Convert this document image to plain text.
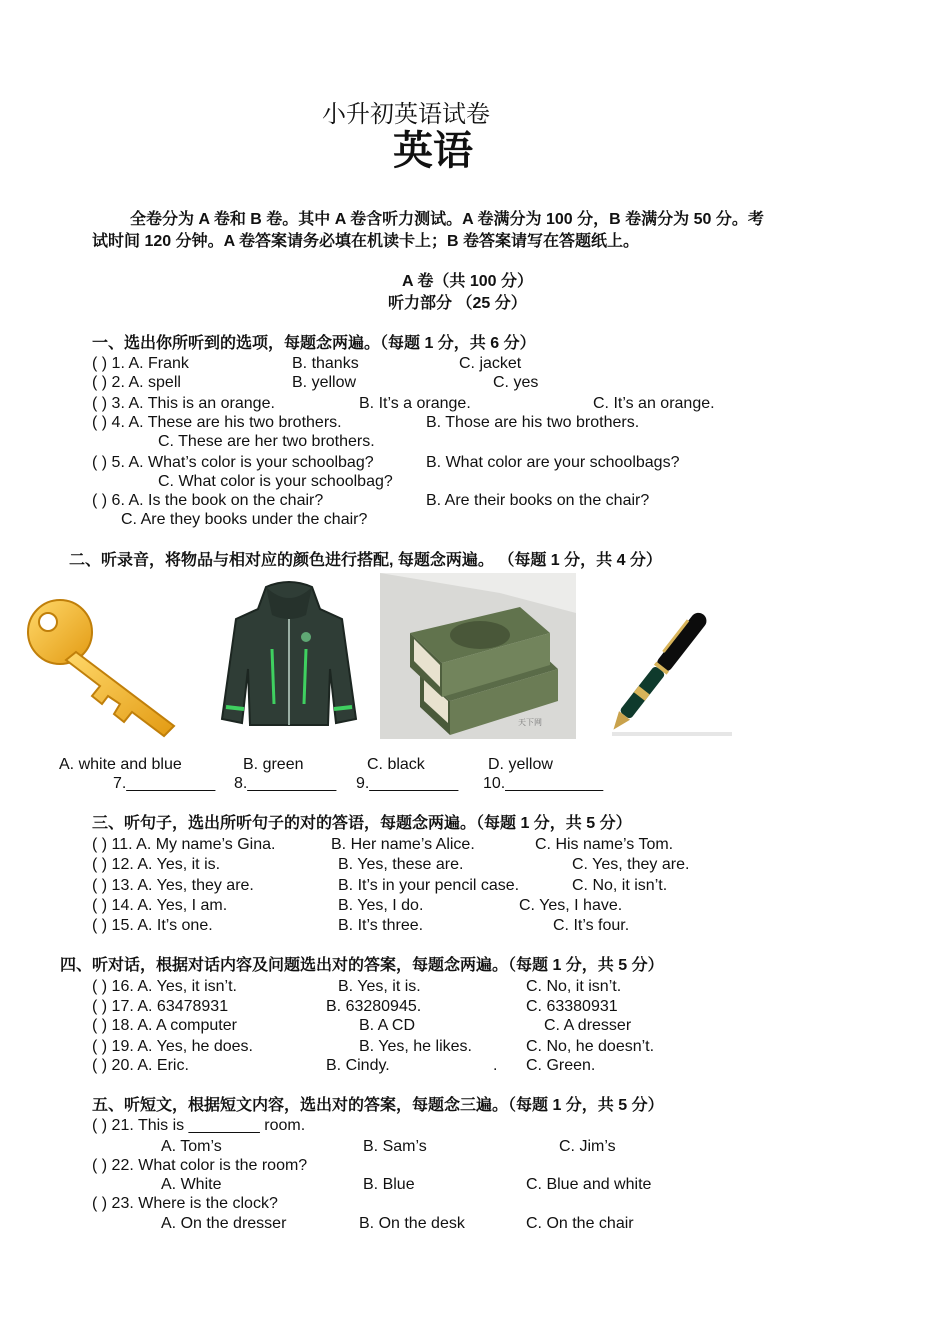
小升初英语试卷
英语
全卷分为 A 卷和 B 卷。其中 A 卷含听力测试。A 卷满分为 100 分，B 卷满分为 50 分。考
试时间 120 分钟。A 卷答案请务必填在机读卡上；B 卷答案请写在答题纸上。
A 卷（共 100 分）
听力部分 （25 分）
一、选出你所听到的选项，每题念两遍。（每题 1 分，共 6 分）
( ) 1. A. Frank	B. thanks	C. jacket
( ) 2. A. spell	B. yellow	C. yes
( ) 3. A. This is an orange.	B. It’s a orange.	C. It’s an orange.
( ) 4. A. These are his two brothers.	B. Those are his two brothers.
C. These are her two brothers.
( ) 5. A. What’s color is your schoolbag?	B. What color are your schoolbags?
C. What color is your schoolbag?
( ) 6. A. Is the book on the chair?	B. Are their books on the chair?
C. Are they books under the chair?
二、听录音，将物品与相对应的颜色进行搭配, 每题念两遍。 （每题 1 分，共 4 分）
天下网
A. white and blue	B. green	C. black	D. yellow
7.__________ 8.__________ 9.__________ 10.___________
三、听句子，选出所听句子的对的答语，每题念两遍。（每题 1 分，共 5 分）
( ) 11. A. My name’s Gina.	B. Her name’s Alice.	C. His name’s Tom.
( ) 12. A. Yes, it is.	B. Yes, these are.	C. Yes, they are.
( ) 13. A. Yes, they are.	B. It’s in your pencil case.	C. No, it isn’t.
( ) 14. A. Yes, I am.	B. Yes, I do.	C. Yes, I have.
( ) 15. A. It’s one.	B. It’s three.	C. It’s four.
四、听对话，根据对话内容及问题选出对的答案，每题念两遍。（每题 1 分，共 5 分）
( ) 16. A. Yes, it isn’t.	B. Yes, it is.	C. No, it isn’t.
( ) 17. A. 63478931	B. 63280945.	C. 63380931
( ) 18. A. A computer	B. A CD	C. A dresser
( ) 19. A. Yes, he does.	B. Yes, he likes.	C. No, he doesn’t.
( ) 20. A. Eric.	B. Cindy.	. C. Green.
五、听短文，根据短文内容，选出对的答案，每题念三遍。（每题 1 分，共 5 分）
( ) 21. This is ________ room.
A. Tom’s	B. Sam’s	C. Jim’s
( ) 22. What color is the room?
A. White	B. Blue	C. Blue and white
( ) 23. Where is the clock?
A. On the dresser	B. On the desk	C. On the chair
